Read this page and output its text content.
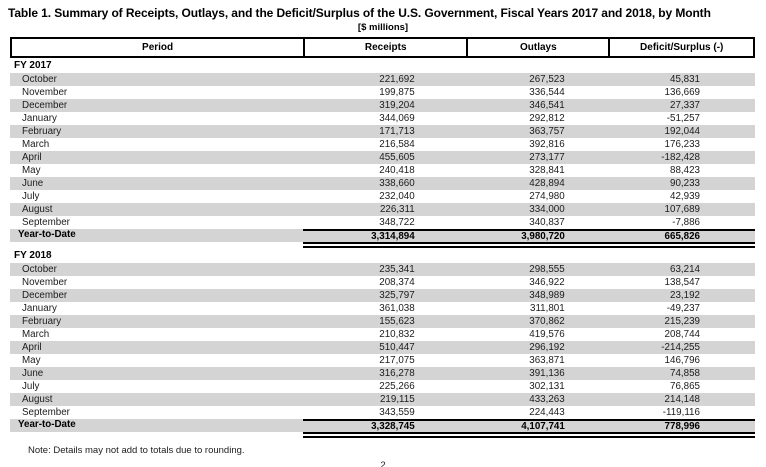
Table 1. Summary of Receipts, Outlays, and the Deficit/Surplus of the U.S. Government, Fiscal Years 2017 and 2018, by Month
[$ millions]
Period	Receipts	Outlays	Deficit/Surplus (-)
FY 2017
October	221,692	267,523	45,831
November	199,875	336,544	136,669
December	319,204	346,541	27,337
January	344,069	292,812	-51,257
February	171,713	363,757	192,044
March	216,584	392,816	176,233
April	455,605	273,177	-182,428
May	240,418	328,841	88,423
June	338,660	428,894	90,233
July	232,040	274,980	42,939
August	226,311	334,000	107,689
September	348,722	340,837	-7,886
Year-to-Date	3,314,894	3,980,720	665,826
FY 2018
October	235,341	298,555	63,214
November	208,374	346,922	138,547
December	325,797	348,989	23,192
January	361,038	311,801	-49,237
February	155,623	370,862	215,239
March	210,832	419,576	208,744
April	510,447	296,192	-214,255
May	217,075	363,871	146,796
June	316,278	391,136	74,858
July	225,266	302,131	76,865
August	219,115	433,263	214,148
September	343,559	224,443	-119,116
Year-to-Date	3,328,745	4,107,741	778,996
Note: Details may not add to totals due to rounding.
2
